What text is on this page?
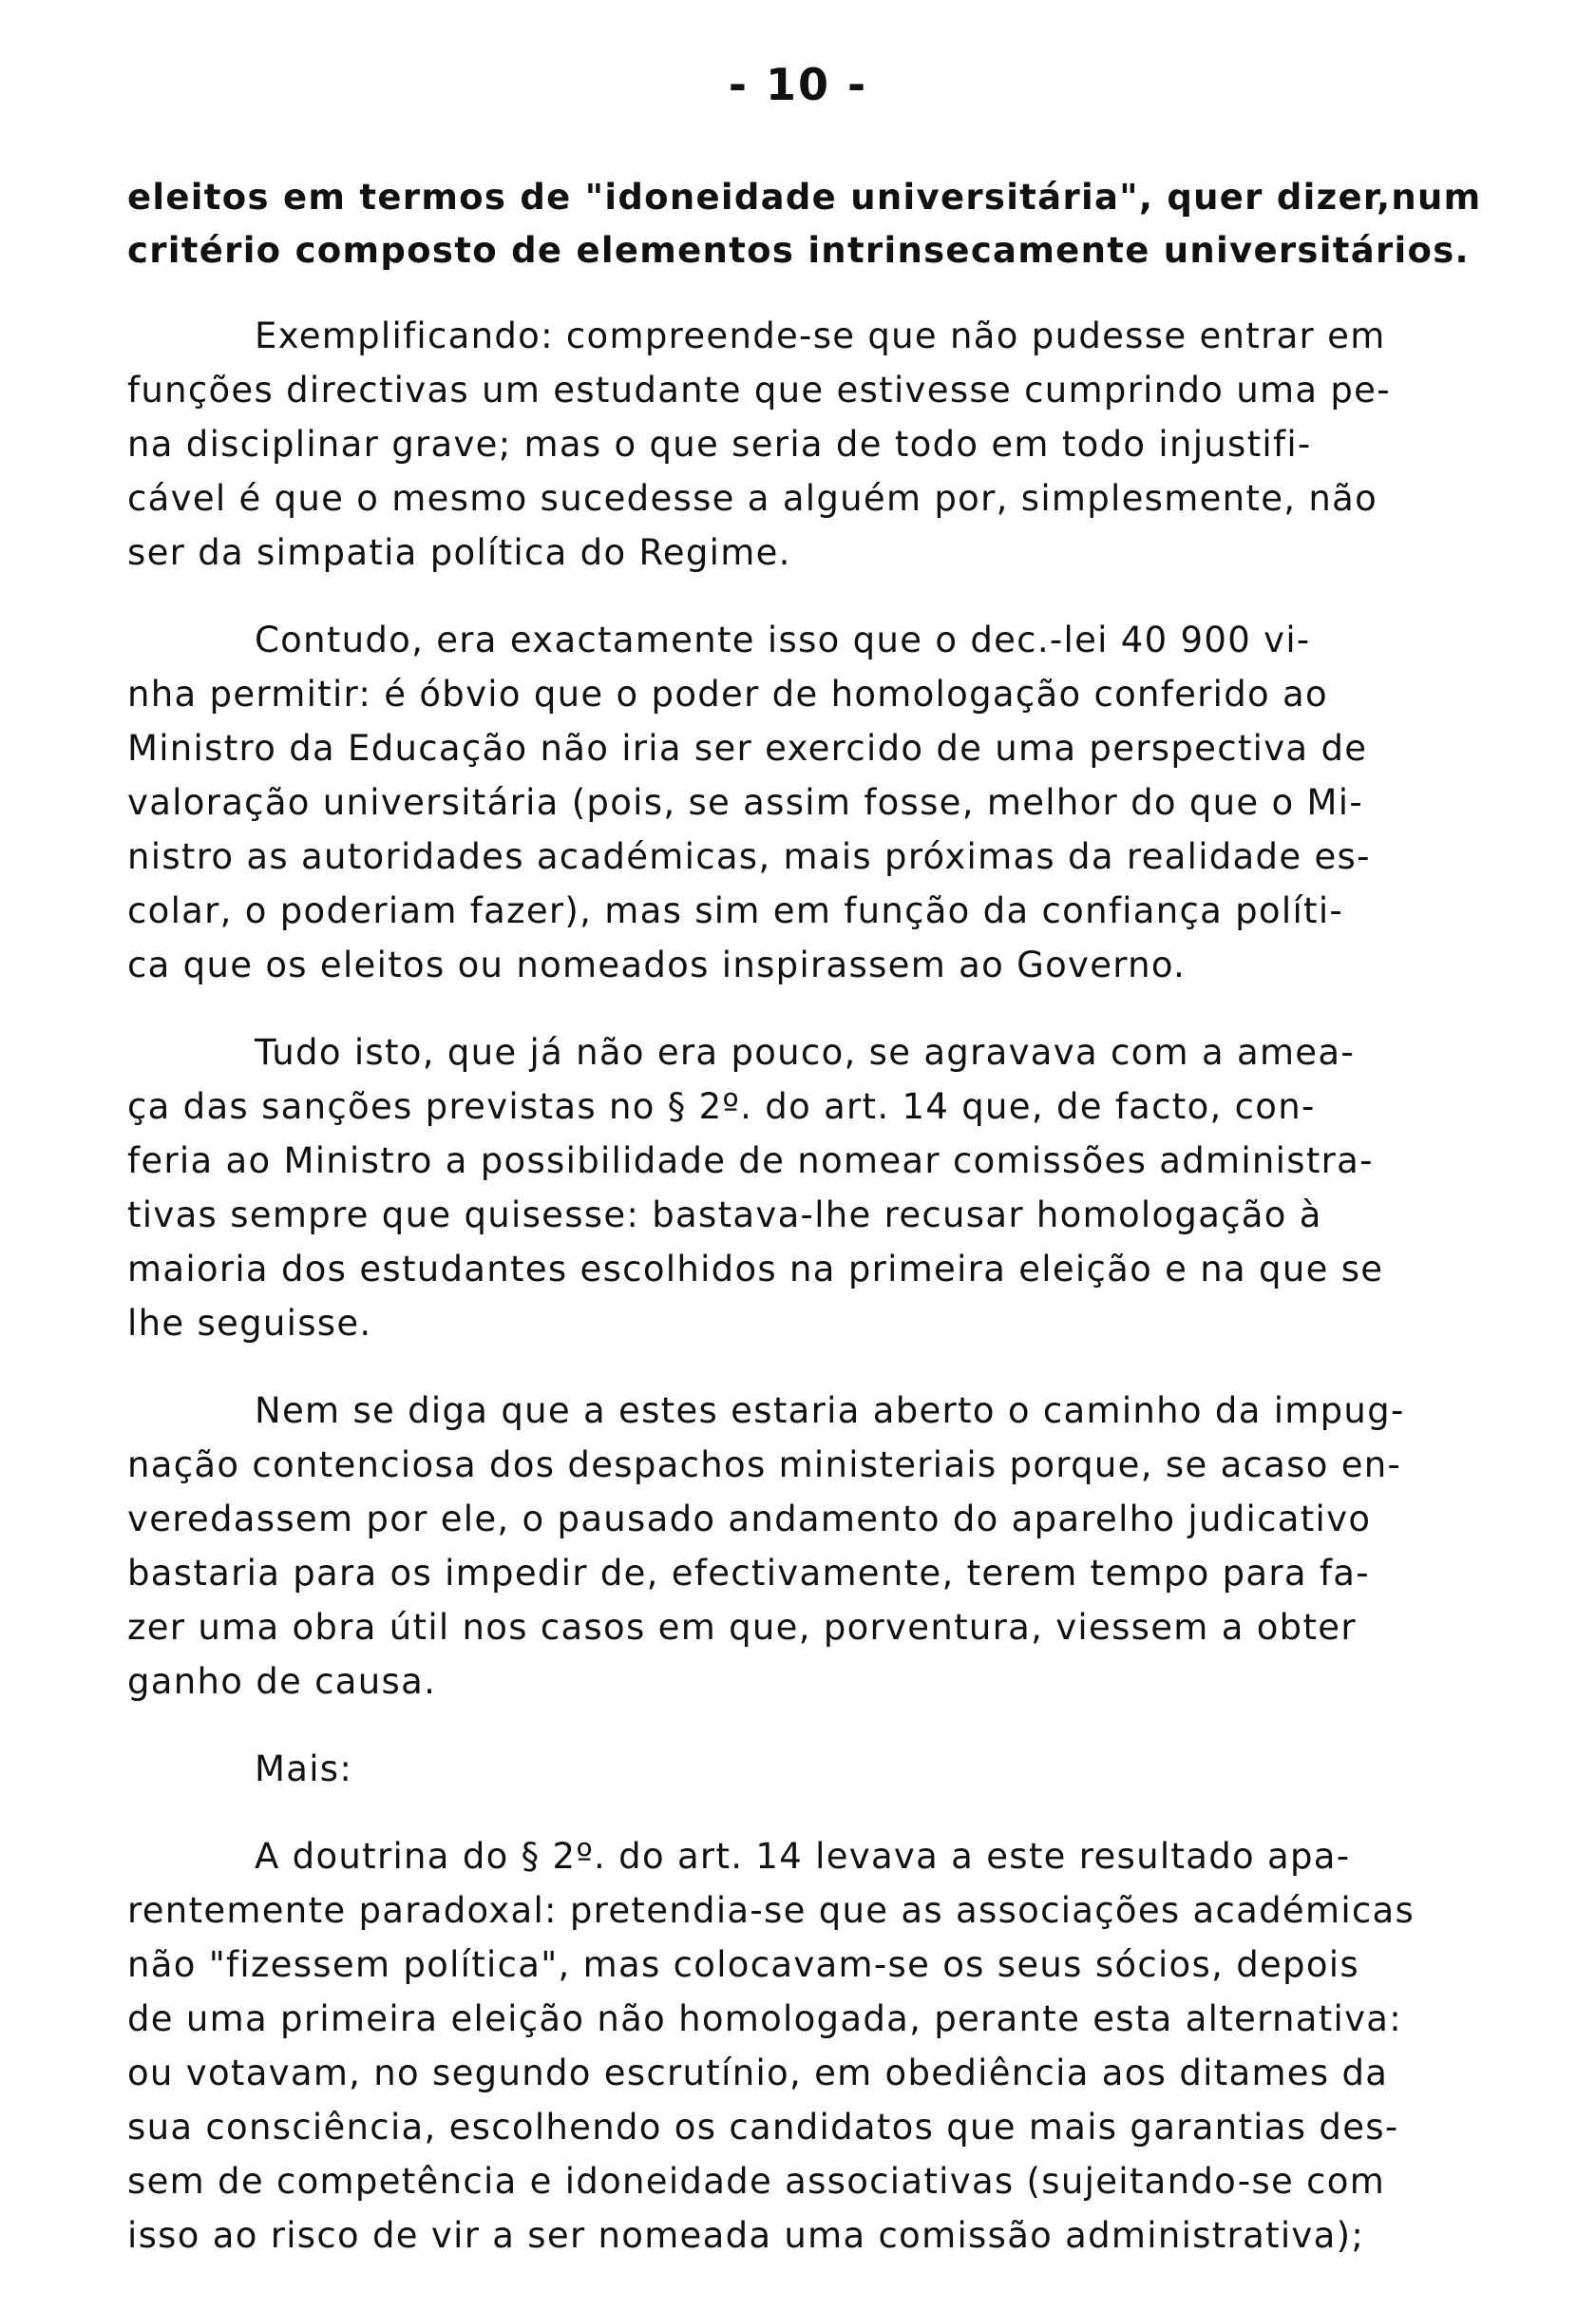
- 10 -
eleitos em termos de "idoneidade universitária", quer dizer,num
critério composto de elementos intrinsecamente universitários.
Exemplificando: compreende-se que não pudesse entrar em
funções directivas um estudante que estivesse cumprindo uma pe-
na disciplinar grave; mas o que seria de todo em todo injustifi-
cável é que o mesmo sucedesse a alguém por, simplesmente, não
ser da simpatia política do Regime.
Contudo, era exactamente isso que o dec.-lei 40 900 vi-
nha permitir: é óbvio que o poder de homologação conferido ao
Ministro da Educação não iria ser exercido de uma perspectiva de
valoração universitária (pois, se assim fosse, melhor do que o Mi-
nistro as autoridades académicas, mais próximas da realidade es-
colar, o poderiam fazer), mas sim em função da confiança políti-
ca que os eleitos ou nomeados inspirassem ao Governo.
Tudo isto, que já não era pouco, se agravava com a amea-
ça das sanções previstas no § 2º. do art. 14 que, de facto, con-
feria ao Ministro a possibilidade de nomear comissões administra-
tivas sempre que quisesse: bastava-lhe recusar homologação à
maioria dos estudantes escolhidos na primeira eleição e na que se
lhe seguisse.
Nem se diga que a estes estaria aberto o caminho da impug-
nação contenciosa dos despachos ministeriais porque, se acaso en-
veredassem por ele, o pausado andamento do aparelho judicativo
bastaria para os impedir de, efectivamente, terem tempo para fa-
zer uma obra útil nos casos em que, porventura, viessem a obter
ganho de causa.
Mais:
A doutrina do § 2º. do art. 14 levava a este resultado apa-
rentemente paradoxal: pretendia-se que as associações académicas
não "fizessem política", mas colocavam-se os seus sócios, depois
de uma primeira eleição não homologada, perante esta alternativa:
ou votavam, no segundo escrutínio, em obediência aos ditames da
sua consciência, escolhendo os candidatos que mais garantias des-
sem de competência e idoneidade associativas (sujeitando-se com
isso ao risco de vir a ser nomeada uma comissão administrativa);
